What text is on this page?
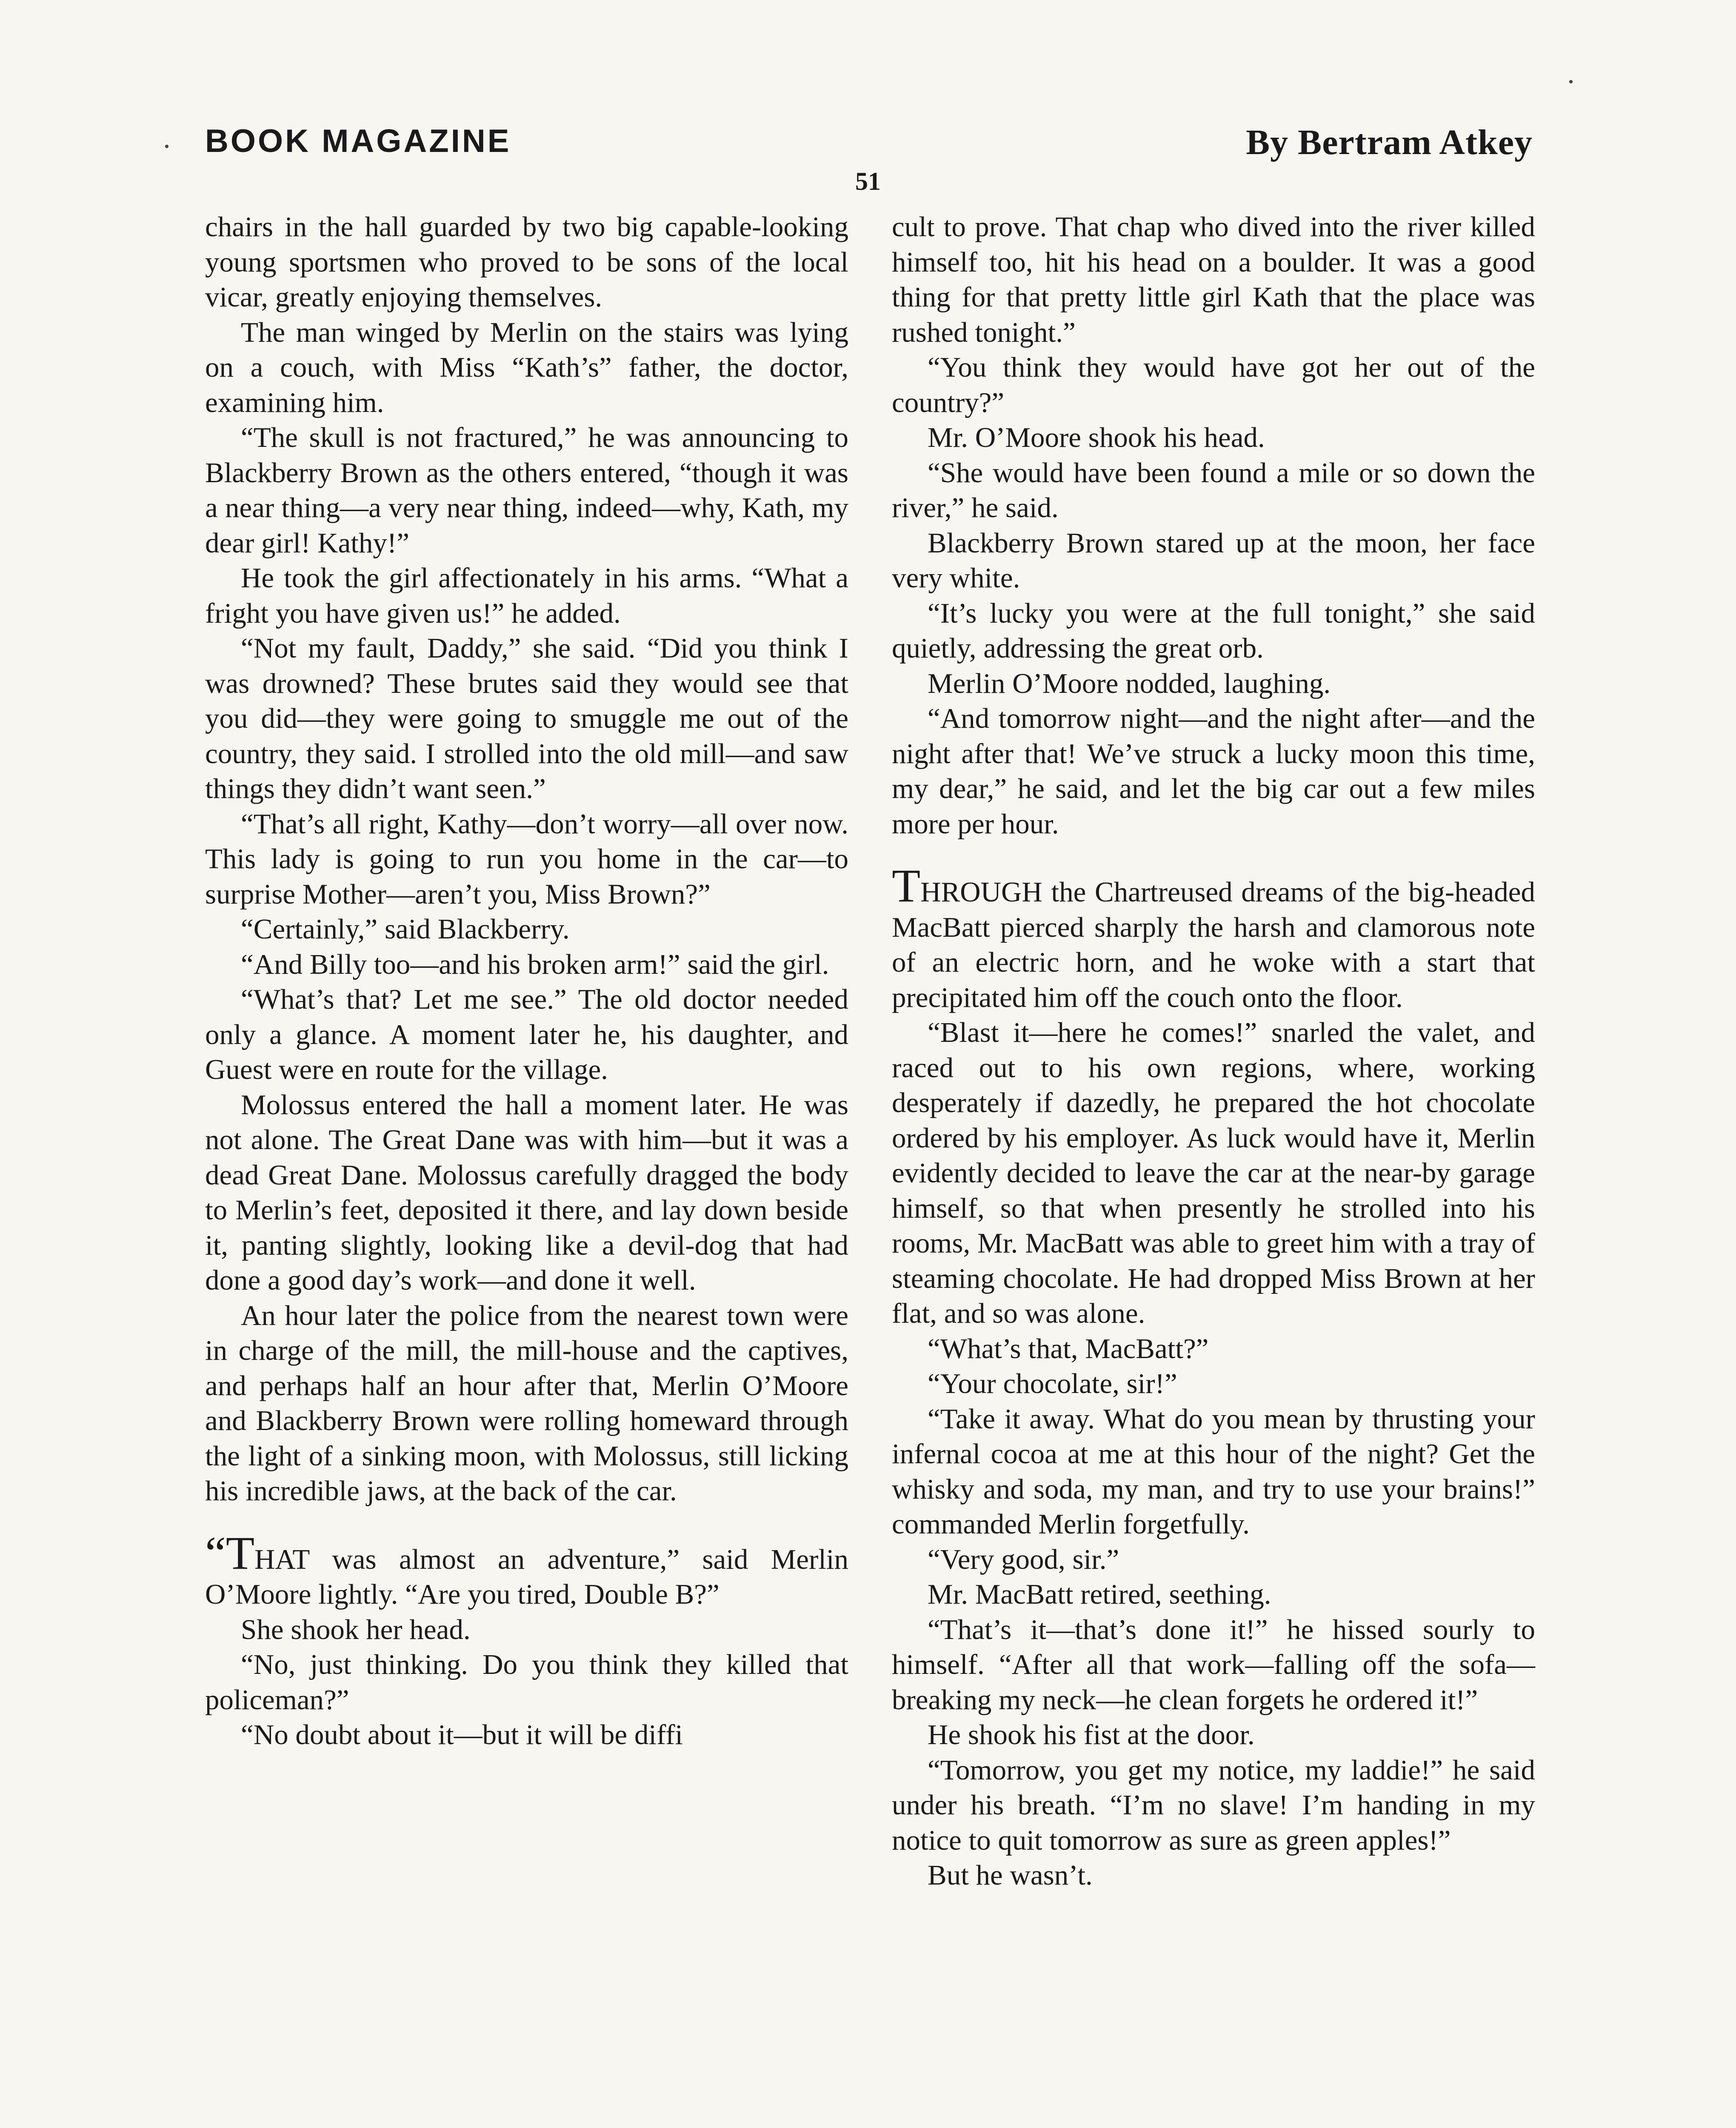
BOOK MAGAZINE	By Bertram Atkey
51

chairs in the hall guarded by two big capable-looking young sportsmen who proved to be sons of the local vicar, greatly enjoying themselves.

The man winged by Merlin on the stairs was lying on a couch, with Miss “Kath’s” father, the doctor, examining him.

“The skull is not fractured,” he was announcing to Blackberry Brown as the others entered, “though it was a near thing—a very near thing, indeed—why, Kath, my dear girl! Kathy!”

He took the girl affectionately in his arms. “What a fright you have given us!” he added.

“Not my fault, Daddy,” she said. “Did you think I was drowned? These brutes said they would see that you did—they were going to smuggle me out of the country, they said. I strolled into the old mill—and saw things they didn’t want seen.”

“That’s all right, Kathy—don’t worry—all over now. This lady is going to run you home in the car—to surprise Mother—aren’t you, Miss Brown?”

“Certainly,” said Blackberry.

“And Billy too—and his broken arm!” said the girl.

“What’s that? Let me see.” The old doctor needed only a glance. A moment later he, his daughter, and Guest were en route for the village.

Molossus entered the hall a moment later. He was not alone. The Great Dane was with him—but it was a dead Great Dane. Molossus carefully dragged the body to Merlin’s feet, deposited it there, and lay down beside it, panting slightly, looking like a devil-dog that had done a good day’s work—and done it well.

An hour later the police from the nearest town were in charge of the mill, the mill-house and the captives, and perhaps half an hour after that, Merlin O’Moore and Blackberry Brown were rolling homeward through the light of a sinking moon, with Molossus, still licking his incredible jaws, at the back of the car.

“THAT was almost an adventure,” said Merlin O’Moore lightly. “Are you tired, Double B?”

She shook her head.

“No, just thinking. Do you think they killed that policeman?”

“No doubt about it—but it will be diffi

cult to prove. That chap who dived into the river killed himself too, hit his head on a boulder. It was a good thing for that pretty little girl Kath that the place was rushed tonight.”

“You think they would have got her out of the country?”

Mr. O’Moore shook his head.

“She would have been found a mile or so down the river,” he said.

Blackberry Brown stared up at the moon, her face very white.

“It’s lucky you were at the full tonight,” she said quietly, addressing the great orb.

Merlin O’Moore nodded, laughing.

“And tomorrow night—and the night after—and the night after that! We’ve struck a lucky moon this time, my dear,” he said, and let the big car out a few miles more per hour.

THROUGH the Chartreused dreams of the big-headed MacBatt pierced sharply the harsh and clamorous note of an electric horn, and he woke with a start that precipitated him off the couch onto the floor.

“Blast it—here he comes!” snarled the valet, and raced out to his own regions, where, working desperately if dazedly, he prepared the hot chocolate ordered by his employer. As luck would have it, Merlin evidently decided to leave the car at the near-by garage himself, so that when presently he strolled into his rooms, Mr. MacBatt was able to greet him with a tray of steaming chocolate. He had dropped Miss Brown at her flat, and so was alone.

“What’s that, MacBatt?”

“Your chocolate, sir!”

“Take it away. What do you mean by thrusting your infernal cocoa at me at this hour of the night? Get the whisky and soda, my man, and try to use your brains!” commanded Merlin forgetfully.

“Very good, sir.”

Mr. MacBatt retired, seething.

“That’s it—that’s done it!” he hissed sourly to himself. “After all that work—falling off the sofa—breaking my neck—he clean forgets he ordered it!”

He shook his fist at the door.

“Tomorrow, you get my notice, my laddie!” he said under his breath. “I’m no slave! I’m handing in my notice to quit tomorrow as sure as green apples!”

But he wasn’t.
